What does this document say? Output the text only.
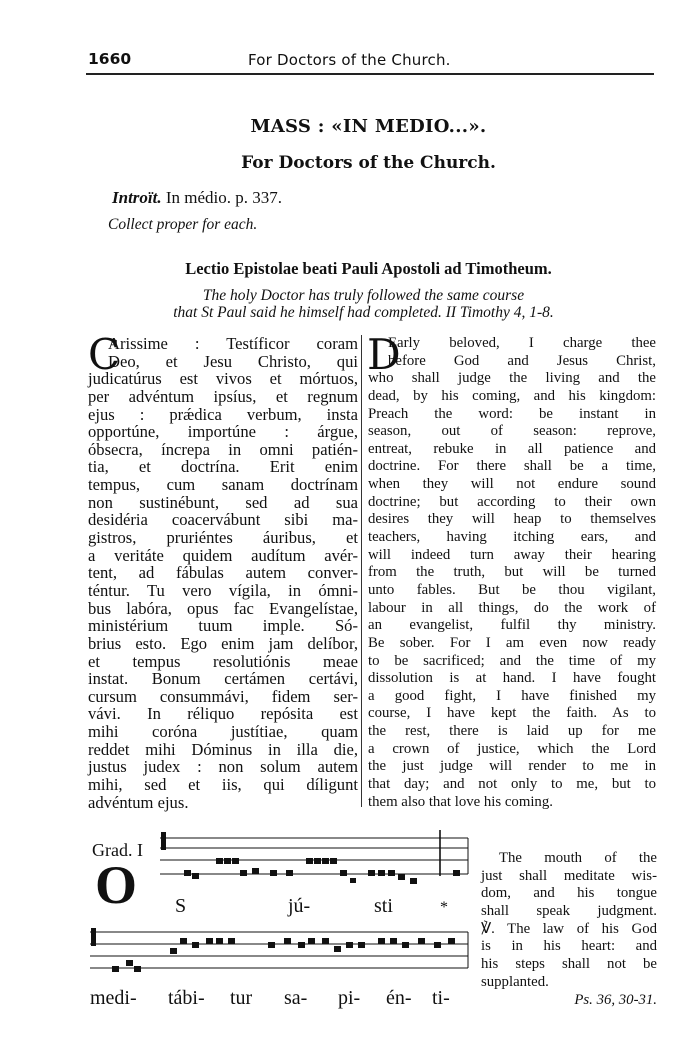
1660	For Doctors of the Church.
MASS : «IN MEDIO...».
For Doctors of the Church.
Introït. In médio. p. 337.
Collect proper for each.
Lectio Epistolae beati Pauli Apostoli ad Timotheum.
The holy Doctor has truly followed the same course
that St Paul said he himself had completed. II Timothy 4, 1-8.
C
Arissime : Testíficor coram
Deo, et Jesu Christo, qui
judicatúrus est vivos et mórtuos,
per advéntum ipsíus, et regnum
ejus : prǽdica verbum, insta
opportúne, importúne : árgue,
óbsecra, íncrepa in omni patién-
tia, et doctrína. Erit enim
tempus, cum sanam doctrínam
non sustinébunt, sed ad sua
desidéria coacervábunt sibi ma-
gistros, pruriéntes áuribus, et
a veritáte quidem audítum avér-
tent, ad fábulas autem conver-
téntur. Tu vero vígila, in ómni-
bus labóra, opus fac Evangelístae,
ministérium tuum imple. Só-
brius esto. Ego enim jam delíbor,
et tempus resolutiónis meae
instat. Bonum certámen certávi,
cursum consummávi, fidem ser-
vávi. In réliquo repósita est
mihi coróna justítiae, quam
reddet mihi Dóminus in illa die,
justus judex : non solum autem
mihi, sed et iis, qui díligunt
advéntum ejus.
D
Early beloved, I charge thee
before God and Jesus Christ,
who shall judge the living and the
dead, by his coming, and his kingdom:
Preach the word: be instant in
season, out of season: reprove,
entreat, rebuke in all patience and
doctrine. For there shall be a time,
when they will not endure sound
doctrine; but according to their own
desires they will heap to themselves
teachers, having itching ears, and
will indeed turn away their hearing
from the truth, but will be turned
unto fables. But be thou vigilant,
labour in all things, do the work of
an evangelist, fulfil thy ministry.
Be sober. For I am even now ready
to be sacrificed; and the time of my
dissolution is at hand. I have fought
a good fight, I have finished my
course, I have kept the faith. As to
the rest, there is laid up for me
a crown of justice, which the Lord
the just judge will render to me in
that day; and not only to me, but to
them also that love his coming.
Grad. I
O S	jú-	sti	*
medi- tábi- tur sa- pi- én- ti-
The mouth of the
just shall meditate wis-
dom, and his tongue
shall speak judgment.
℣. The law of his God
is in his heart: and
his steps shall not be
supplanted.
Ps. 36, 30-31.
